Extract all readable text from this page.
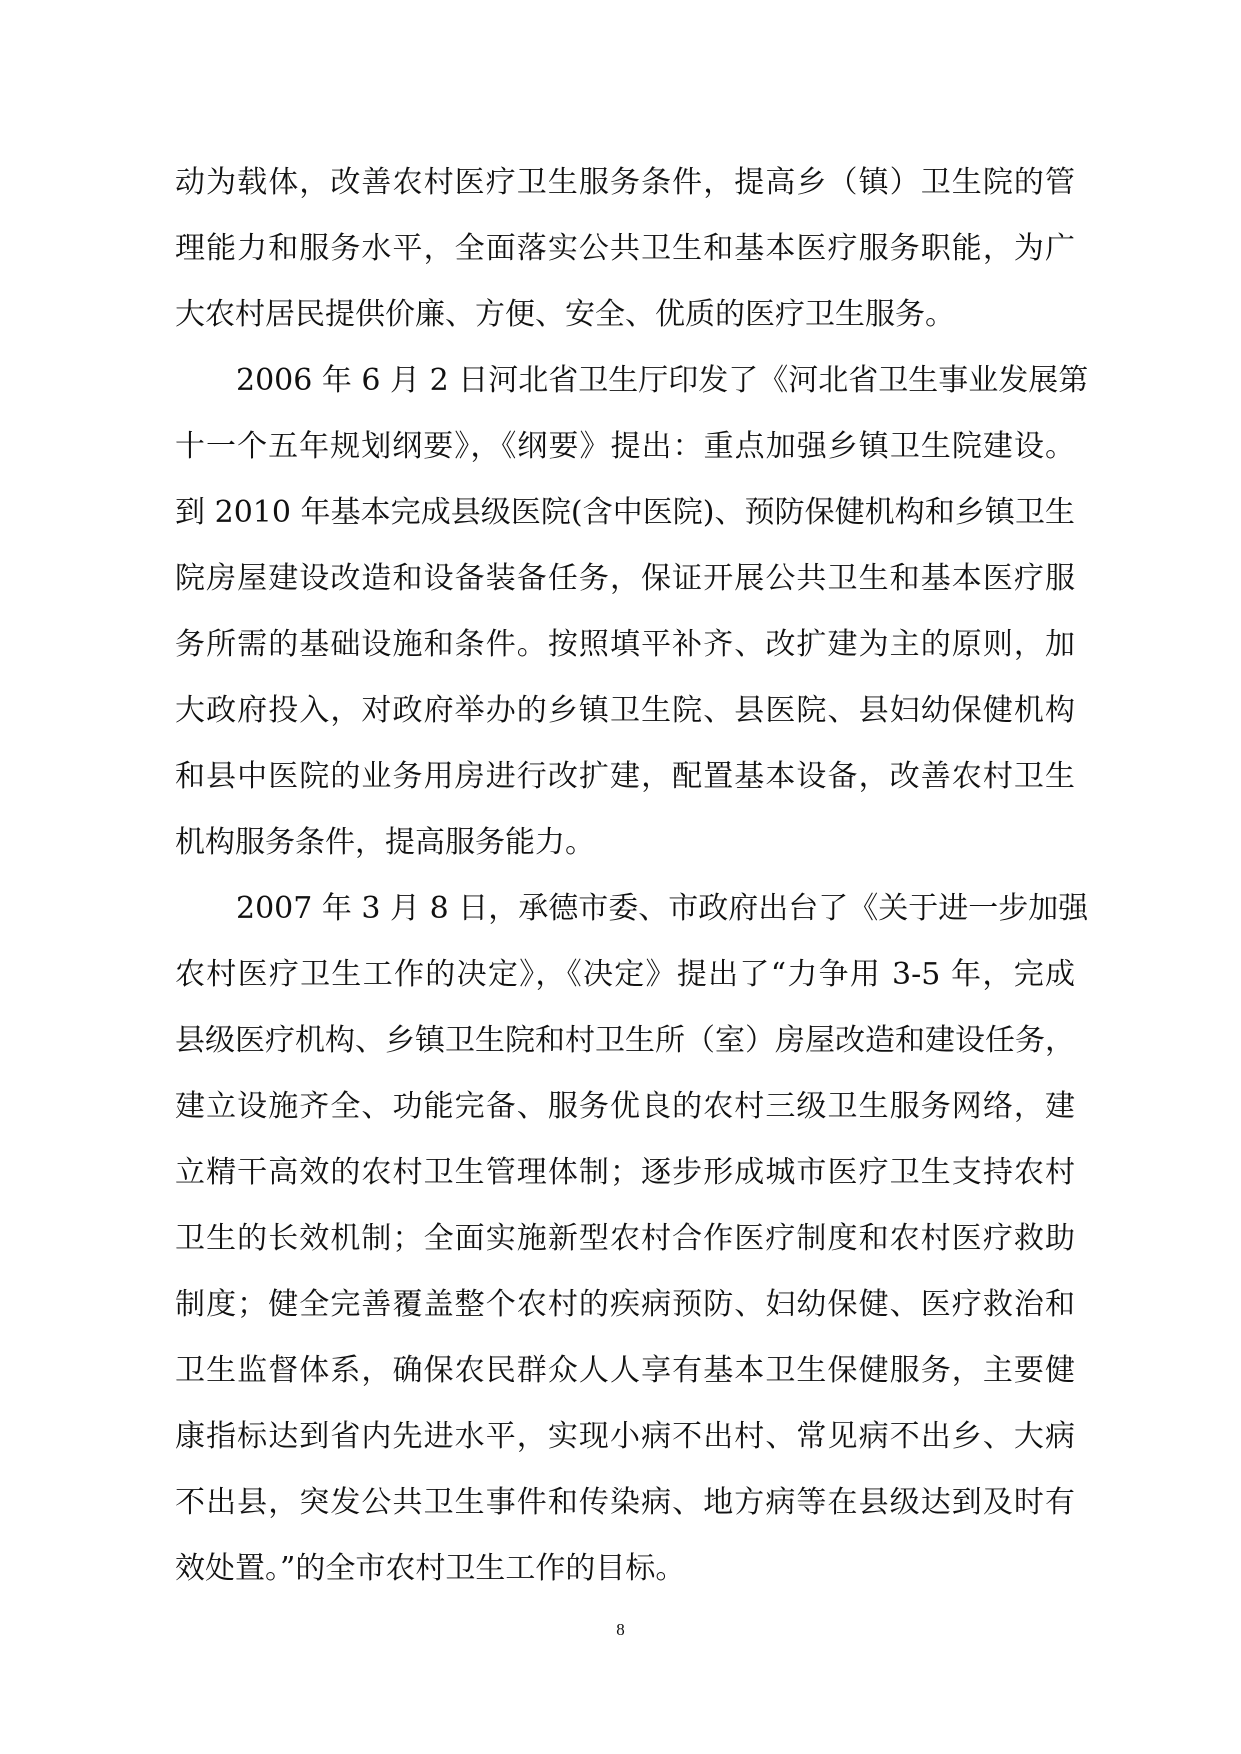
动为载体，改善农村医疗卫生服务条件，提高乡（镇）卫生院的管
理能力和服务水平，全面落实公共卫生和基本医疗服务职能，为广
大农村居民提供价廉、方便、安全、优质的医疗卫生服务。
2006 年 6 月 2 日河北省卫生厅印发了《河北省卫生事业发展第
十一个五年规划纲要》，《纲要》提出：重点加强乡镇卫生院建设。
到 2010 年基本完成县级医院(含中医院)、预防保健机构和乡镇卫生
院房屋建设改造和设备装备任务，保证开展公共卫生和基本医疗服
务所需的基础设施和条件。按照填平补齐、改扩建为主的原则，加
大政府投入，对政府举办的乡镇卫生院、县医院、县妇幼保健机构
和县中医院的业务用房进行改扩建，配置基本设备，改善农村卫生
机构服务条件，提高服务能力。
2007 年 3 月 8 日，承德市委、市政府出台了《关于进一步加强
农村医疗卫生工作的决定》，《决定》提出了“力争用 3-5 年，完成
县级医疗机构、乡镇卫生院和村卫生所（室）房屋改造和建设任务，
建立设施齐全、功能完备、服务优良的农村三级卫生服务网络，建
立精干高效的农村卫生管理体制；逐步形成城市医疗卫生支持农村
卫生的长效机制；全面实施新型农村合作医疗制度和农村医疗救助
制度；健全完善覆盖整个农村的疾病预防、妇幼保健、医疗救治和
卫生监督体系，确保农民群众人人享有基本卫生保健服务，主要健
康指标达到省内先进水平，实现小病不出村、常见病不出乡、大病
不出县，突发公共卫生事件和传染病、地方病等在县级达到及时有
效处置。”的全市农村卫生工作的目标。
8
